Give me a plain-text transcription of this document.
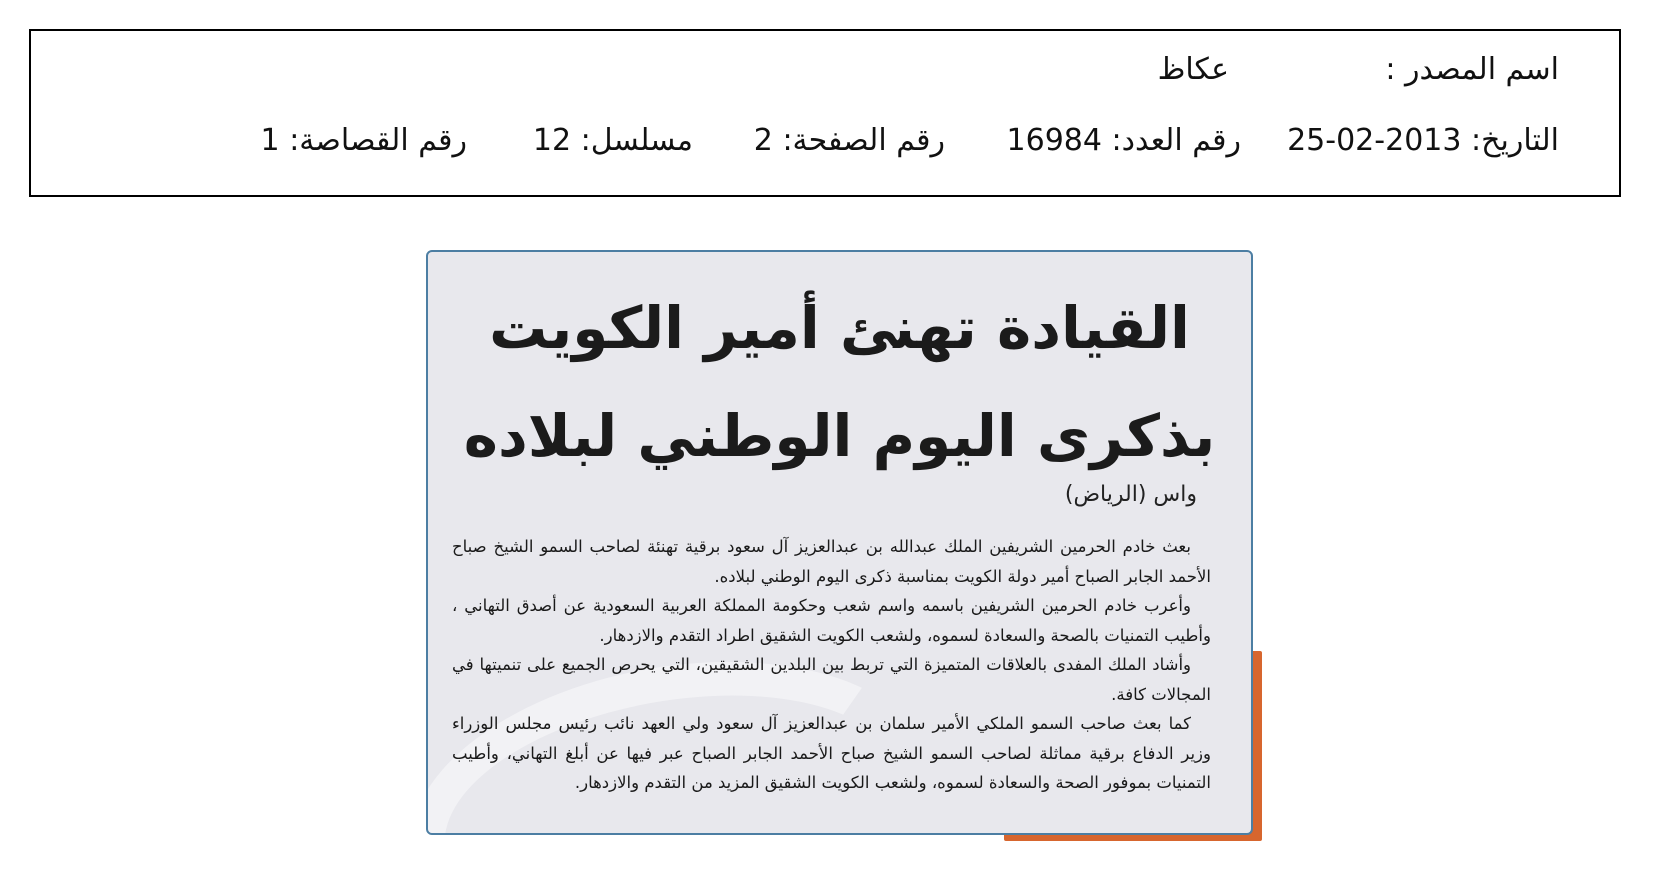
اسم المصدر :
عكاظ
التاريخ: 2013-02-25
رقم العدد: 16984
رقم الصفحة: 2
مسلسل: 12
رقم القصاصة: 1
القيادة تهنئ أمير الكويت
بذكرى اليوم الوطني لبلاده
واس (الرياض)

بعث خادم الحرمين الشريفين الملك عبدالله بن عبدالعزيز آل سعود برقية تهنئة لصاحب السمو الشيخ صباح الأحمد الجابر الصباح أمير دولة الكويت بمناسبة ذكرى اليوم الوطني لبلاده.

وأعرب خادم الحرمين الشريفين باسمه واسم شعب وحكومة المملكة العربية السعودية عن أصدق التهاني ، وأطيب التمنيات بالصحة والسعادة لسموه، ولشعب الكويت الشقيق اطراد التقدم والازدهار.

وأشاد الملك المفدى بالعلاقات المتميزة التي تربط بين البلدين الشقيقين، التي يحرص الجميع على تنميتها في المجالات كافة.

كما بعث صاحب السمو الملكي الأمير سلمان بن عبدالعزيز آل سعود ولي العهد نائب رئيس مجلس الوزراء وزير الدفاع برقية مماثلة لصاحب السمو الشيخ صباح الأحمد الجابر الصباح عبر فيها عن أبلغ التهاني، وأطيب التمنيات بموفور الصحة والسعادة لسموه، ولشعب الكويت الشقيق المزيد من التقدم والازدهار.
